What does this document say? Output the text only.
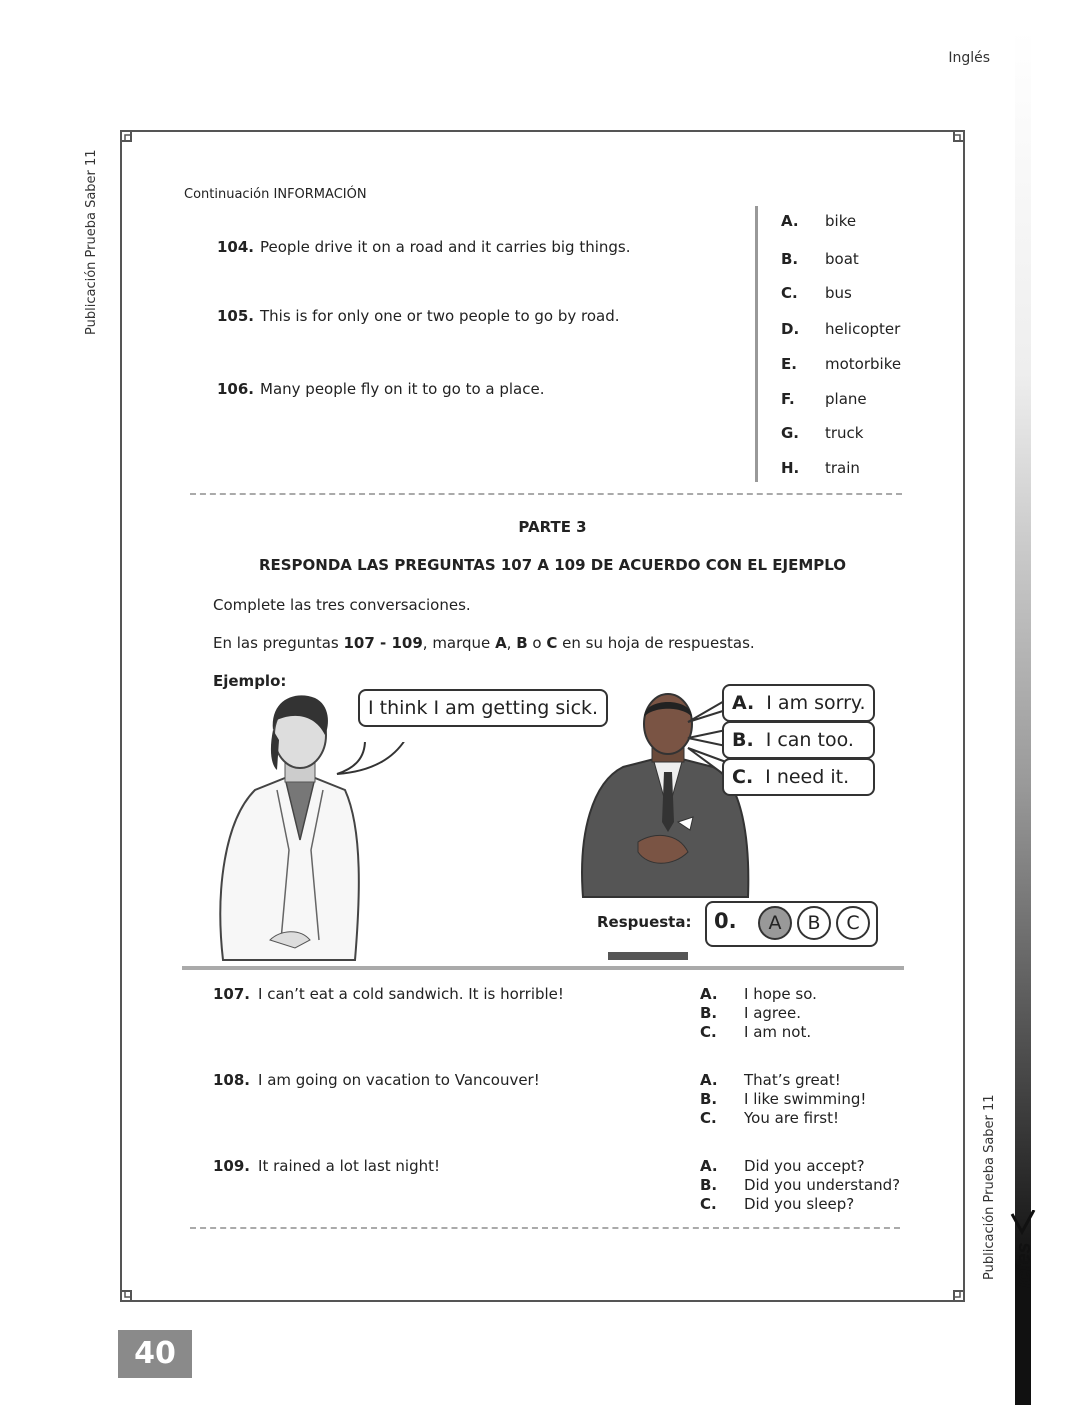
Inglés
Publicación Prueba Saber 11
Publicación Prueba Saber 11 icfes
Continuación INFORMACIÓN
104. People drive it on a road and it carries big things.
105. This is for only one or two people to go by road.
106. Many people fly on it to go to a place.
A. bike
B. boat
C. bus
D. helicopter
E. motorbike
F. plane
G. truck
H. train
PARTE 3
RESPONDA LAS PREGUNTAS 107 A 109 DE ACUERDO CON EL EJEMPLO
Complete las tres conversaciones.
En las preguntas 107 - 109, marque A, B o C en su hoja de respuestas.
Ejemplo:
I think I am getting sick.	A. I am sorry.
B. I can too.
C. I need it.
Respuesta: 0.	A	B	C
107. I can’t eat a cold sandwich. It is horrible!	A. I hope so.
B. I agree.
C. I am not.
108. I am going on vacation to Vancouver!	A. That’s great!
B. I like swimming!
C. You are first!
109. It rained a lot last night!	A. Did you accept?
B. Did you understand?
C. Did you sleep?
40
